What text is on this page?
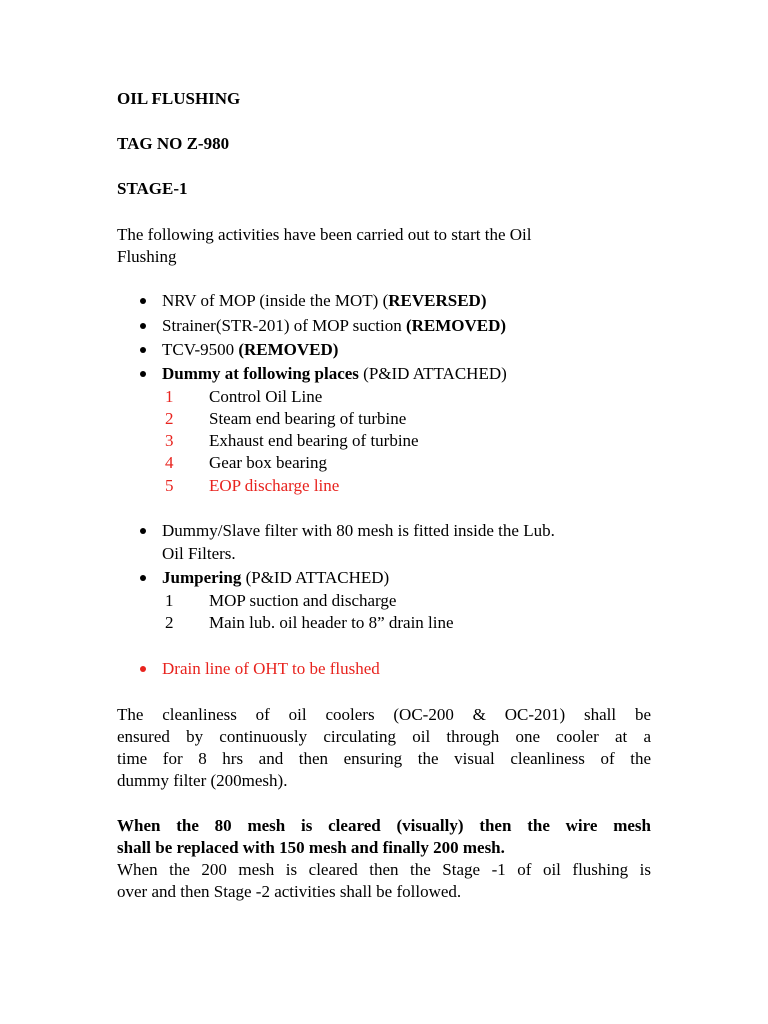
OIL FLUSHING
TAG NO Z-980
STAGE-1
The following activities have been carried out to start the Oil
Flushing
NRV of MOP (inside the MOT) (REVERSED)
Strainer(STR-201) of MOP suction (REMOVED)
TCV-9500 (REMOVED)
Dummy at following places (P&ID ATTACHED)
1 Control Oil Line
2 Steam end bearing of turbine
3 Exhaust end bearing of turbine
4 Gear box bearing
5 EOP discharge line
Dummy/Slave filter with 80 mesh is fitted inside the Lub.
Oil Filters.
Jumpering (P&ID ATTACHED)
1 MOP suction and discharge
2 Main lub. oil header to 8” drain line
Drain line of OHT to be flushed
The cleanliness of oil coolers (OC-200 & OC-201) shall be
ensured by continuously circulating oil through one cooler at a
time for 8 hrs and then ensuring the visual cleanliness of the
dummy filter (200mesh).
When the 80 mesh is cleared (visually) then the wire mesh
shall be replaced with 150 mesh and finally 200 mesh.
When the 200 mesh is cleared then the Stage -1 of oil flushing is
over and then Stage -2 activities shall be followed.
